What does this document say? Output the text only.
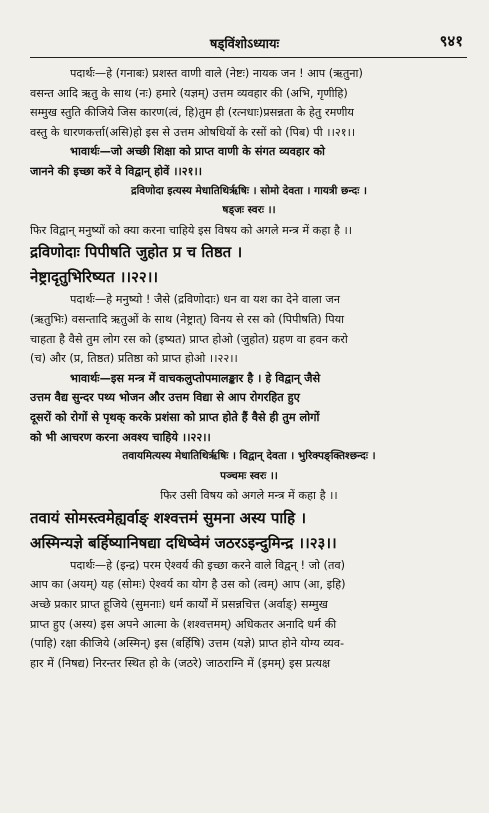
षड्विंशोऽध्यायः	९४१
पदार्थः—हे (गनाबः) प्रशस्त वाणी वाले (नेष्टः) नायक जन ! आप (ऋतुना)
वसन्त आदि ऋतु के साथ (नः) हमारे (यज्ञम्) उत्तम व्यवहार की (अभि, गृणीहि)
सम्मुख स्तुति कीजिये जिस कारण(त्वं, हि)तुम ही (रत्नधाः)प्रसन्नता के हेतु रमणीय
वस्तु के धारणकर्त्ता(असि)हो इस से उत्तम ओषधियों के रसों को (पिब) पी ।।२१।।
भावार्थः—जो अच्छी शिक्षा को प्राप्त वाणी के संगत व्यवहार को
जानने की इच्छा करें वे विद्वान् होवें ।।२१।।
द्रविणोदा इत्यस्य मेधातिथिर्ऋषिः । सोमो देवता । गायत्री छन्दः ।
षड्जः स्वरः ।।
फिर विद्वान् मनुष्यों को क्या करना चाहिये इस विषय को अगले मन्त्र में कहा है ।।
द्रविणोदाः पिपीषति जुहोत प्र च तिष्ठत ।
नेष्ट्रादृतुभिरिष्यत ।।२२।।
पदार्थः—हे मनुष्यो ! जैसे (द्रविणोदाः) धन वा यश का देने वाला जन
(ऋतुभिः) वसन्तादि ऋतुओं के साथ (नेष्ट्रात्) विनय से रस को (पिपीषति) पिया
चाहता है वैसे तुम लोग रस को (इष्यत) प्राप्त होओ (जुहोत) ग्रहण वा हवन करो
(च) और (प्र, तिष्ठत) प्रतिष्ठा को प्राप्त होओ ।।२२।।
भावार्थः—इस मन्त्र में वाचकलुप्तोपमालङ्कार है । हे विद्वान् जैसे
उत्तम वैद्य सुन्दर पथ्य भोजन और उत्तम विद्या से आप रोगरहित हुए
दूसरों को रोगों से पृथक् करके प्रशंसा को प्राप्त होते हैं वैसे ही तुम लोगों
को भी आचरण करना अवश्य चाहिये ।।२२।।
तवायमित्यस्य मेधातिथिर्ऋषिः । विद्वान् देवता । भुरिक्पङ्क्तिश्छन्दः ।
पञ्चमः स्वरः ।।
फिर उसी विषय को अगले मन्त्र में कहा है ।।
तवायं सोमस्त्वमेह्यर्वाङ् शश्वत्तमं सुमना अस्य पाहि ।
अस्मिन्यज्ञे बर्हिष्यानिषद्या दधिष्वेमं जठरऽइन्दुमिन्द्र ।।२३।।
पदार्थः—हे (इन्द्र) परम ऐश्वर्य की इच्छा करने वाले विद्वन् ! जो (तव)
आप का (अयम्) यह (सोमः) ऐश्वर्य का योग है उस को (त्वम्) आप (आ, इहि)
अच्छे प्रकार प्राप्त हूजिये (सुमनाः) धर्म कार्यों में प्रसन्नचित्त (अर्वाङ्) सम्मुख
प्राप्त हुए (अस्य) इस अपने आत्मा के (शश्वत्तमम्) अधिकतर अनादि धर्म की
(पाहि) रक्षा कीजिये (अस्मिन्) इस (बर्हिषि) उत्तम (यज्ञे) प्राप्त होने योग्य व्यव-
हार में (निषद्य) निरन्तर स्थित हो के (जठरे) जाठराग्नि में (इमम्) इस प्रत्यक्ष
